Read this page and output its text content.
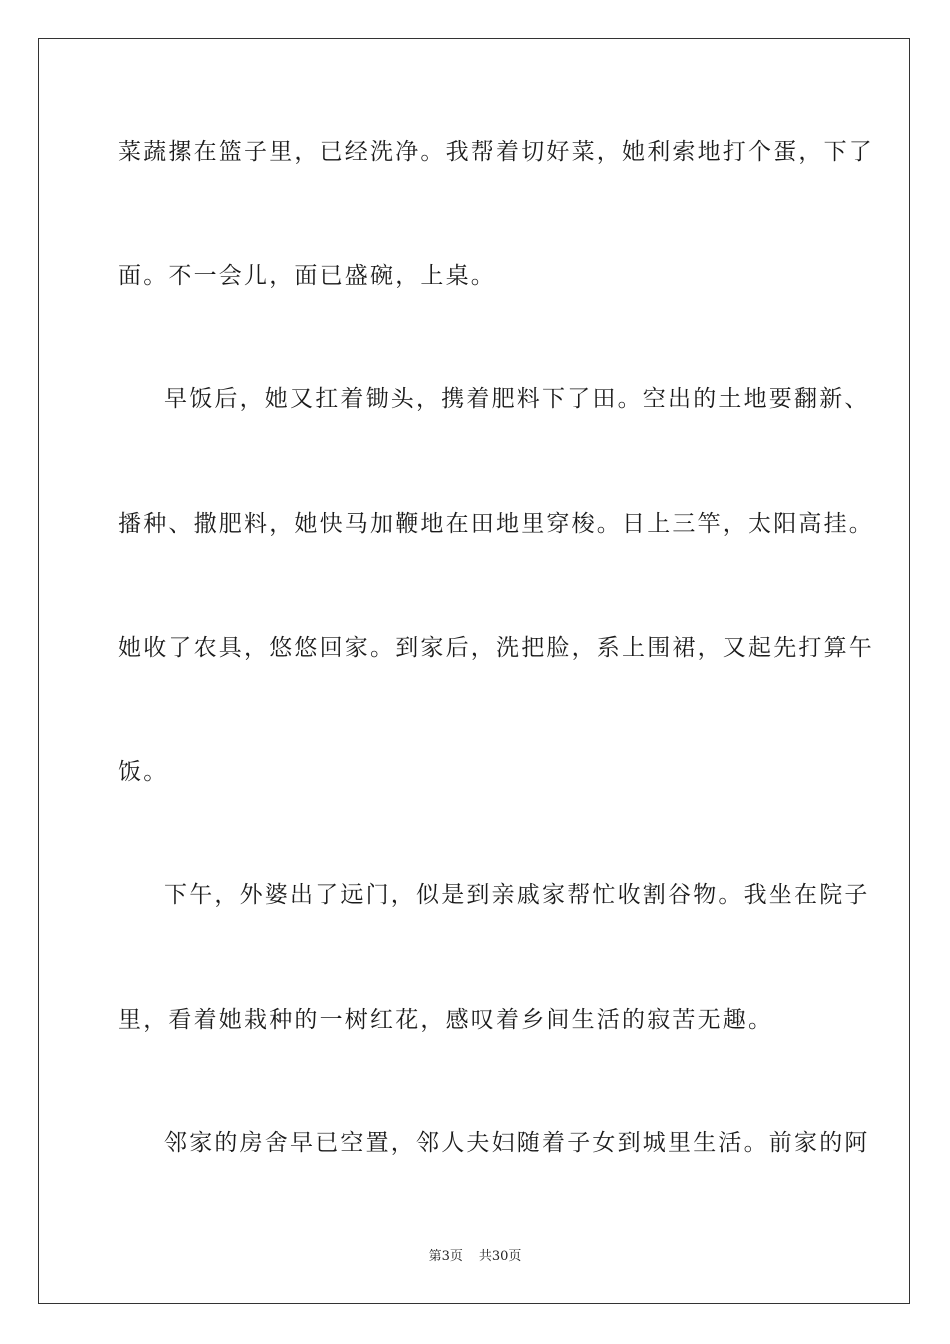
菜蔬摞在篮子里，已经洗净。我帮着切好菜，她利索地打个蛋，下了
面。不一会儿，面已盛碗，上桌。
早饭后，她又扛着锄头，携着肥料下了田。空出的土地要翻新、
播种、撒肥料，她快马加鞭地在田地里穿梭。日上三竿，太阳高挂。
她收了农具，悠悠回家。到家后，洗把脸，系上围裙，又起先打算午
饭。
下午，外婆出了远门，似是到亲戚家帮忙收割谷物。我坐在院子
里，看着她栽种的一树红花，感叹着乡间生活的寂苦无趣。
邻家的房舍早已空置，邻人夫妇随着子女到城里生活。前家的阿
第3页 共30页
